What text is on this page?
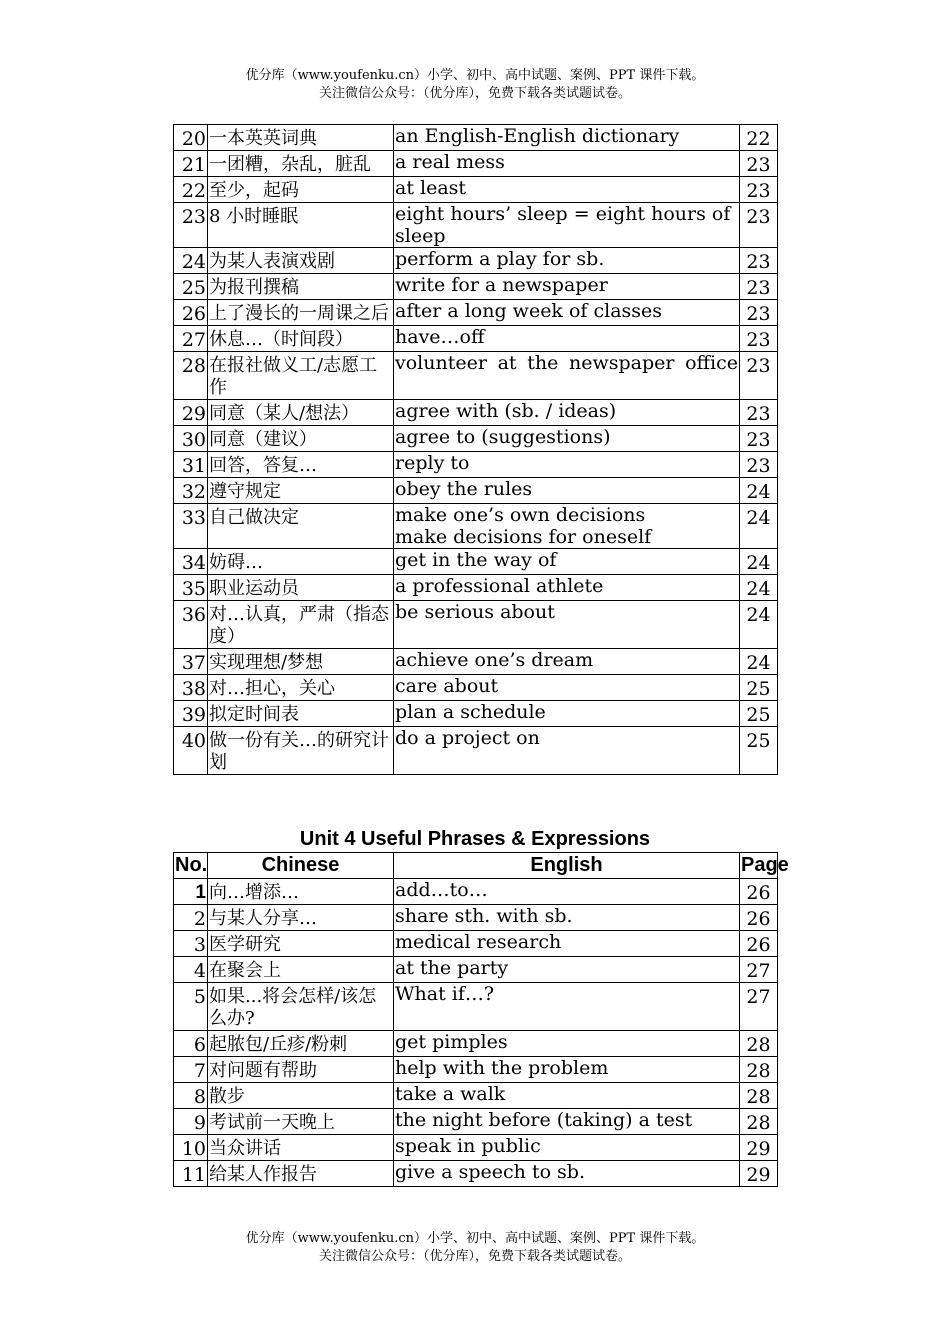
优分库（www.youfenku.cn）小学、初中、高中试题、案例、PPT 课件下载。
关注微信公众号：（优分库），免费下载各类试题试卷。
20	一本英英词典	an English-English dictionary	22
21	一团糟，杂乱，脏乱	a real mess	23
22	至少，起码	at least	23
23	8 小时睡眠	eight hours’ sleep = eight hours of sleep	23
24	为某人表演戏剧	perform a play for sb.	23
25	为报刊撰稿	write for a newspaper	23
26	上了漫长的一周课之后	after a long week of classes	23
27	休息…（时间段）	have…off	23
28	在报社做义工/志愿工作	volunteer at the newspaper office	23
29	同意（某人/想法）	agree with (sb. / ideas)	23
30	同意（建议）	agree to (suggestions)	23
31	回答，答复…	reply to	23
32	遵守规定	obey the rules	24
33	自己做决定	make one’s own decisions
make decisions for oneself	24
34	妨碍…	get in the way of	24
35	职业运动员	a professional athlete	24
36	对…认真，严肃（指态度）	be serious about	24
37	实现理想/梦想	achieve one’s dream	24
38	对…担心，关心	care about	25
39	拟定时间表	plan a schedule	25
40	做一份有关…的研究计划	do a project on	25
Unit 4 Useful Phrases & Expressions
No.	Chinese	English	Page
1	向…增添…	add…to…	26
2	与某人分享…	share sth. with sb.	26
3	医学研究	medical research	26
4	在聚会上	at the party	27
5	如果...将会怎样/该怎么办?	What if…?	27
6	起脓包/丘疹/粉刺	get pimples	28
7	对问题有帮助	help with the problem	28
8	散步	take a walk	28
9	考试前一天晚上	the night before (taking) a test	28
10	当众讲话	speak in public	29
11	给某人作报告	give a speech to sb.	29
优分库（www.youfenku.cn）小学、初中、高中试题、案例、PPT 课件下载。
关注微信公众号：（优分库），免费下载各类试题试卷。
